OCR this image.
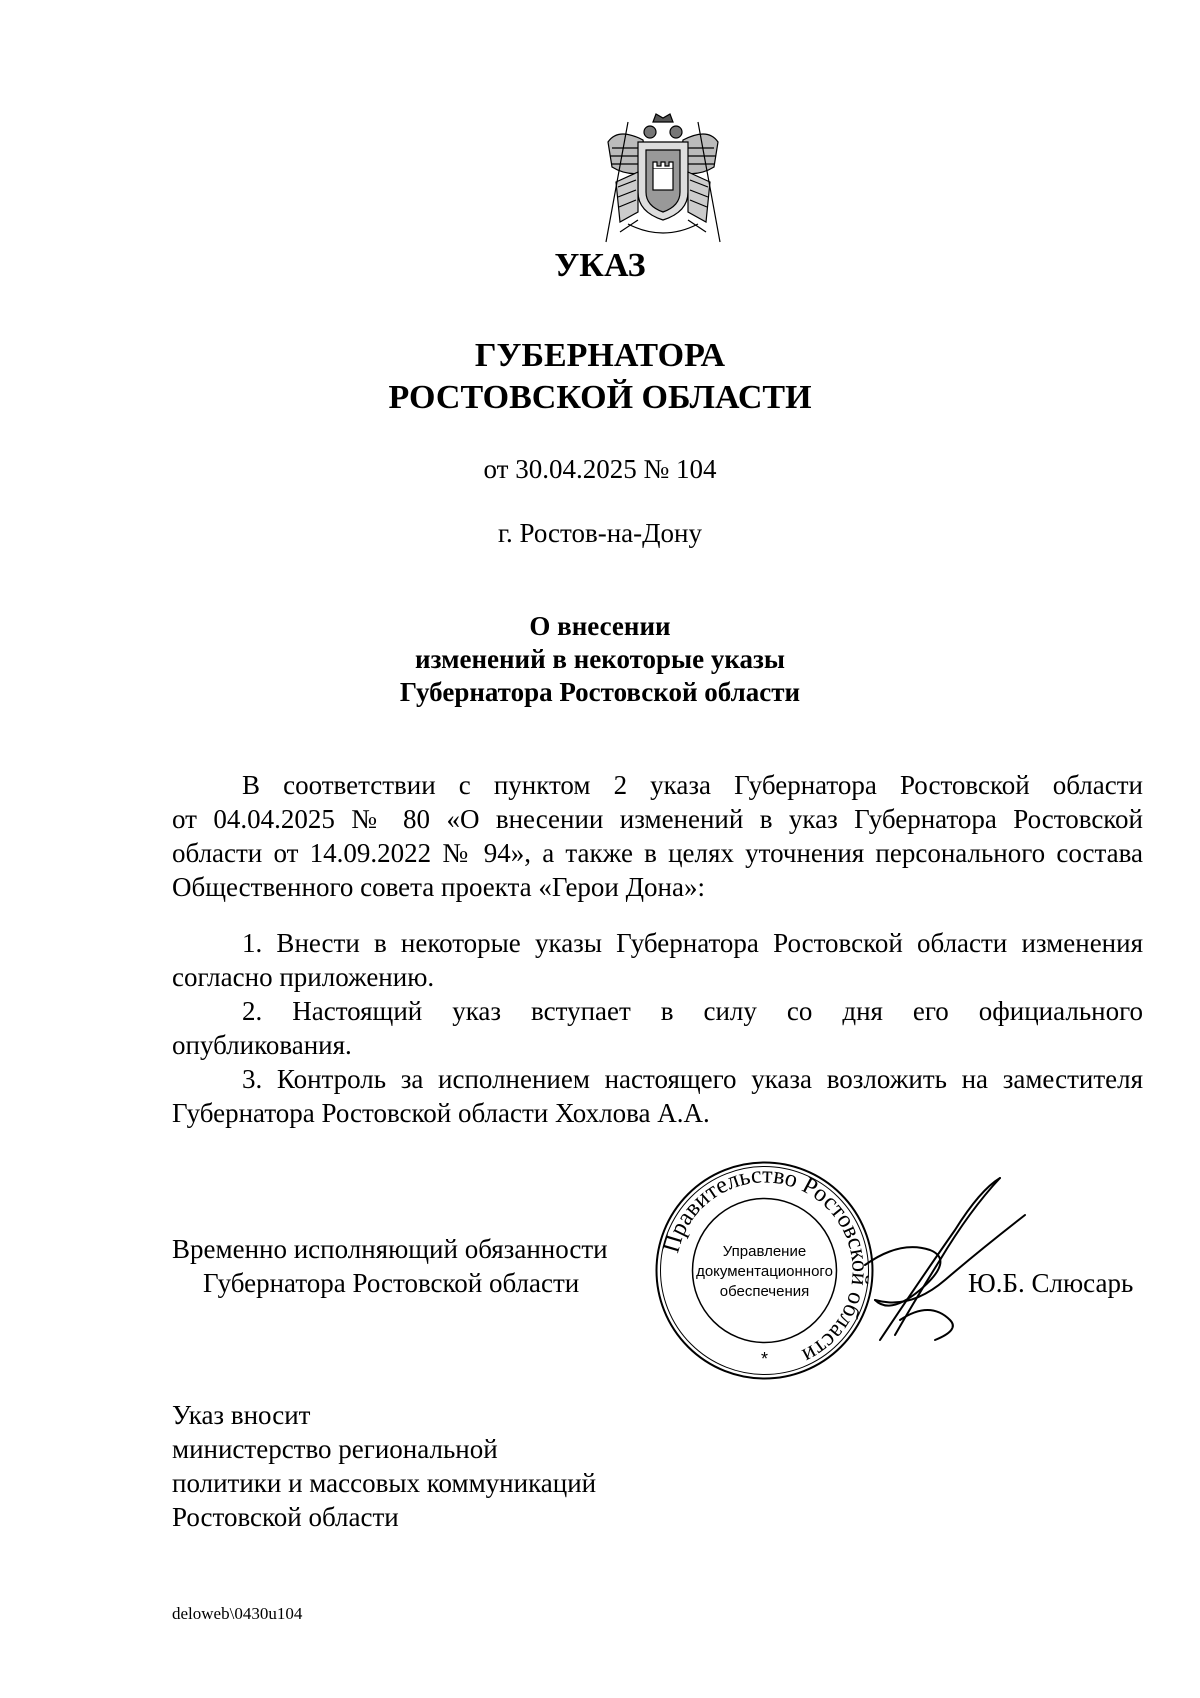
УКАЗ
ГУБЕРНАТОРА
РОСТОВСКОЙ ОБЛАСТИ
от 30.04.2025 № 104
г. Ростов-на-Дону
О внесении
изменений в некоторые указы
Губернатора Ростовской области
В соответствии с пунктом 2 указа Губернатора Ростовской области
от 04.04.2025 № 80 «О внесении изменений в указ Губернатора Ростовской
области от 14.09.2022 № 94», а также в целях уточнения персонального состава
Общественного совета проекта «Герои Дона»:
1. Внести в некоторые указы Губернатора Ростовской области изменения
согласно приложению.
2. Настоящий указ вступает в силу со дня его официального
опубликования.
3. Контроль за исполнением настоящего указа возложить на заместителя
Губернатора Ростовской области Хохлова А.А.
Временно исполняющий обязанности
Губернатора Ростовской области	Ю.Б. Слюсарь
Правительство Ростовской области
Управление
документационного
обеспечения
*
Указ вносит
министерство региональной
политики и массовых коммуникаций
Ростовской области
deloweb\0430u104
